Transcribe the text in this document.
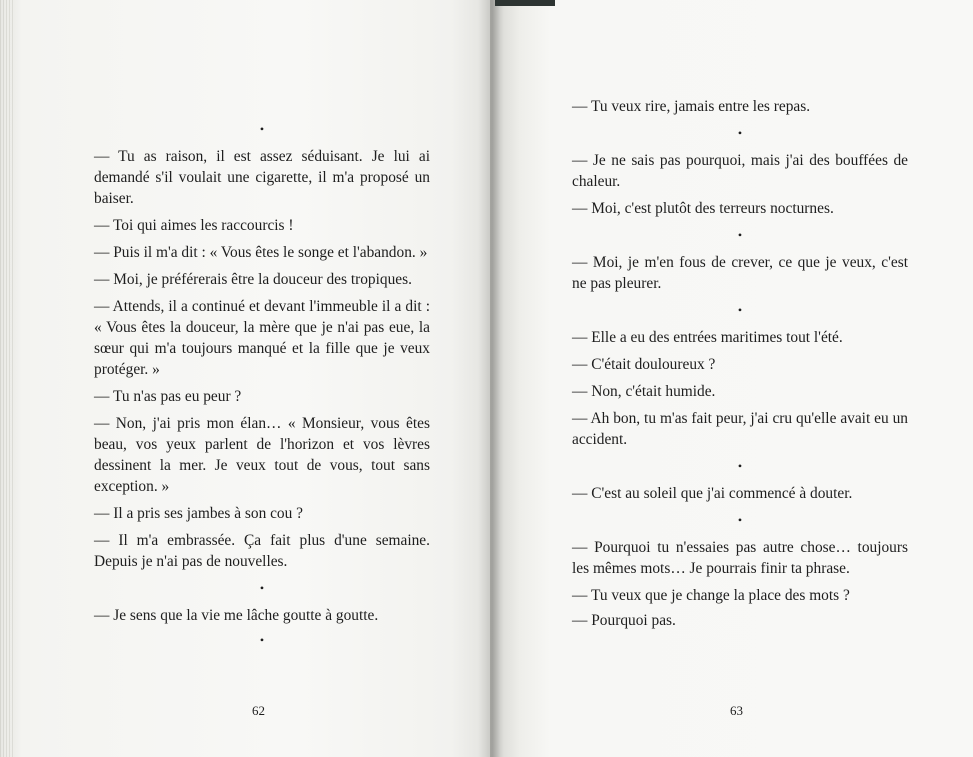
•

— Tu as raison, il est assez séduisant. Je lui ai demandé s'il voulait une cigarette, il m'a proposé un baiser.

— Toi qui aimes les raccourcis !

— Puis il m'a dit : « Vous êtes le songe et l'abandon. »

— Moi, je préférerais être la douceur des tropiques.

— Attends, il a continué et devant l'immeuble il a dit : « Vous êtes la douceur, la mère que je n'ai pas eue, la sœur qui m'a toujours manqué et la fille que je veux protéger. »

— Tu n'as pas eu peur ?

— Non, j'ai pris mon élan… « Monsieur, vous êtes beau, vos yeux parlent de l'horizon et vos lèvres dessinent la mer. Je veux tout de vous, tout sans exception. »

— Il a pris ses jambes à son cou ?

— Il m'a embrassée. Ça fait plus d'une semaine. Depuis je n'ai pas de nouvelles.

•

— Je sens que la vie me lâche goutte à goutte.

•

— Tu veux rire, jamais entre les repas.

•

— Je ne sais pas pourquoi, mais j'ai des bouffées de chaleur.

— Moi, c'est plutôt des terreurs nocturnes.

•

— Moi, je m'en fous de crever, ce que je veux, c'est ne pas pleurer.

•

— Elle a eu des entrées maritimes tout l'été.

— C'était douloureux ?

— Non, c'était humide.

— Ah bon, tu m'as fait peur, j'ai cru qu'elle avait eu un accident.

•

— C'est au soleil que j'ai commencé à douter.

•

— Pourquoi tu n'essaies pas autre chose… toujours les mêmes mots… Je pourrais finir ta phrase.

— Tu veux que je change la place des mots ?

— Pourquoi pas.

62	63
